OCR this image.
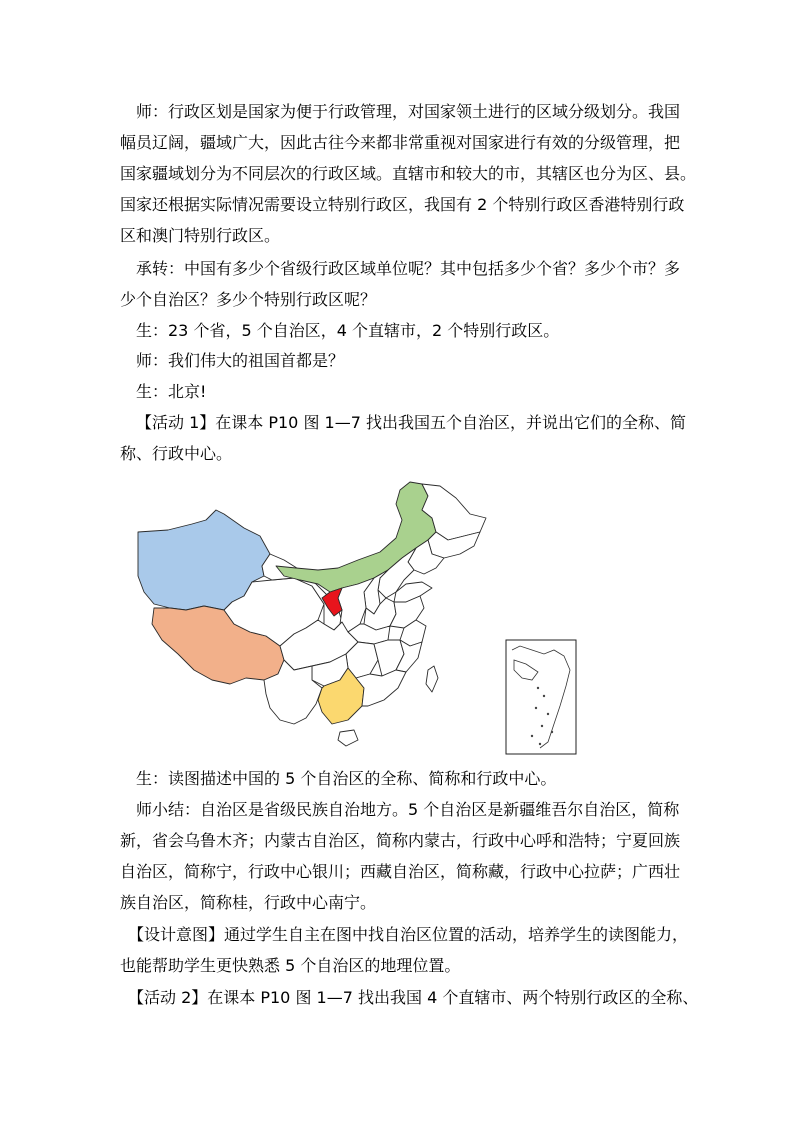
师：行政区划是国家为便于行政管理，对国家领土进行的区域分级划分。我国
幅员辽阔，疆域广大，因此古往今来都非常重视对国家进行有效的分级管理，把
国家疆域划分为不同层次的行政区域。直辖市和较大的市，其辖区也分为区、县。
国家还根据实际情况需要设立特别行政区，我国有 2 个特别行政区香港特别行政
区和澳门特别行政区。
承转：中国有多少个省级行政区域单位呢？其中包括多少个省？多少个市？多
少个自治区？多少个特别行政区呢？
生：23 个省，5 个自治区，4 个直辖市，2 个特别行政区。
师：我们伟大的祖国首都是？
生：北京!
【活动 1】在课本 P10 图 1—7 找出我国五个自治区，并说出它们的全称、简
称、行政中心。
生：读图描述中国的 5 个自治区的全称、简称和行政中心。
师小结：自治区是省级民族自治地方。5 个自治区是新疆维吾尔自治区，简称
新，省会乌鲁木齐；内蒙古自治区，简称内蒙古，行政中心呼和浩特；宁夏回族
自治区，简称宁，行政中心银川；西藏自治区，简称藏，行政中心拉萨；广西壮
族自治区，简称桂，行政中心南宁。
【设计意图】通过学生自主在图中找自治区位置的活动，培养学生的读图能力，
也能帮助学生更快熟悉 5 个自治区的地理位置。
【活动 2】在课本 P10 图 1—7 找出我国 4 个直辖市、两个特别行政区的全称、
